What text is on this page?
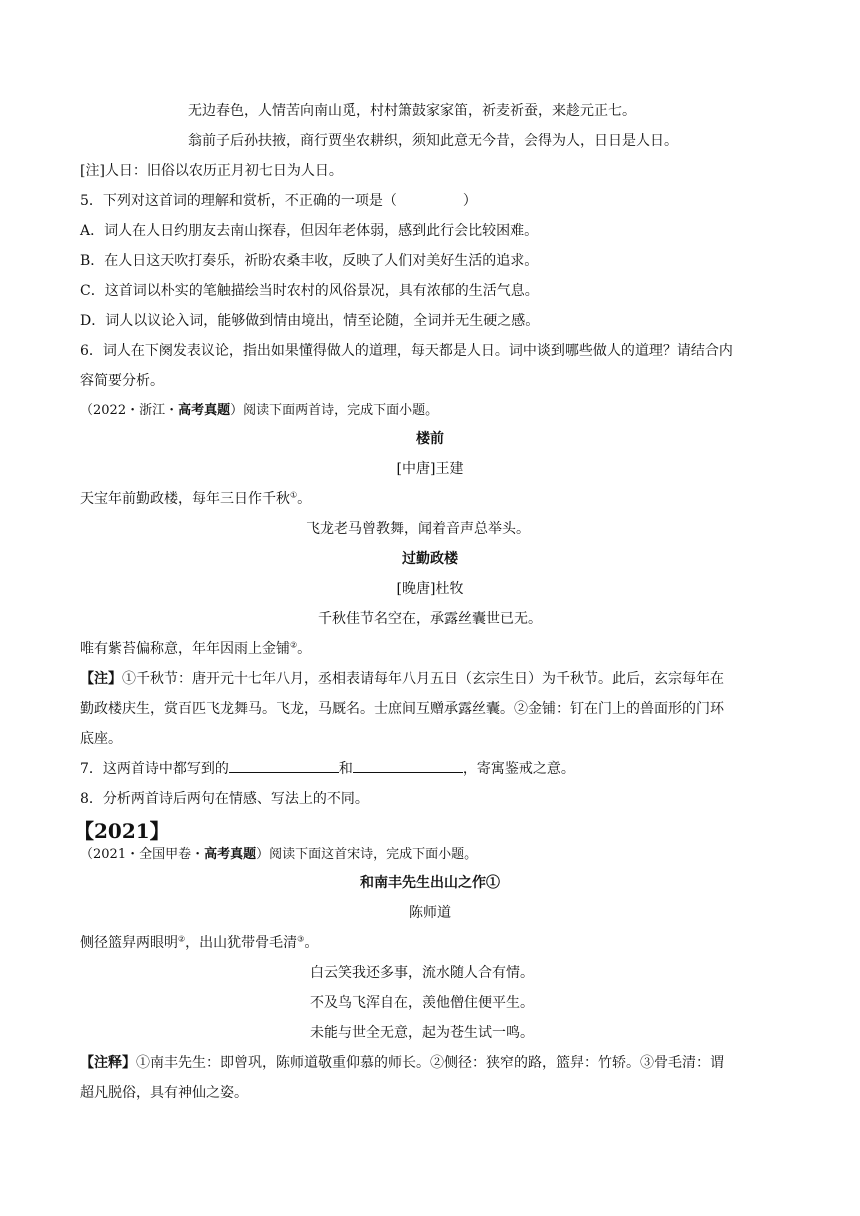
无边春色，人情苦向南山觅，村村箫鼓家家笛，祈麦祈蚕，来趁元正七。
翁前子后孙扶掖，商行贾坐农耕织，须知此意无今昔，会得为人，日日是人日。
[注]人日：旧俗以农历正月初七日为人日。
5．下列对这首词的理解和赏析，不正确的一项是（	）
A．词人在人日约朋友去南山探春，但因年老体弱，感到此行会比较困难。
B．在人日这天吹打奏乐，祈盼农桑丰收，反映了人们对美好生活的追求。
C．这首词以朴实的笔触描绘当时农村的风俗景况，具有浓郁的生活气息。
D．词人以议论入词，能够做到情由境出，情至论随，全词并无生硬之感。
6．词人在下阕发表议论，指出如果懂得做人的道理，每天都是人日。词中谈到哪些做人的道理？请结合内
容简要分析。
（2022・浙江・高考真题）阅读下面两首诗，完成下面小题。
楼前
[中唐]王建
天宝年前勤政楼，每年三日作千秋①。
飞龙老马曾教舞，闻着音声总举头。
过勤政楼
[晚唐]杜牧
千秋佳节名空在，承露丝囊世已无。
唯有紫苔偏称意，年年因雨上金铺②。
【注】①千秋节：唐开元十七年八月，丞相表请每年八月五日（玄宗生日）为千秋节。此后，玄宗每年在
勤政楼庆生，赏百匹飞龙舞马。飞龙，马厩名。士庶间互赠承露丝囊。②金铺：钉在门上的兽面形的门环
底座。
7．这两首诗中都写到的	和	，寄寓鉴戒之意。
8．分析两首诗后两句在情感、写法上的不同。
【2021】
（2021・全国甲卷・高考真题）阅读下面这首宋诗，完成下面小题。
和南丰先生出山之作①
陈师道
侧径篮舁两眼明②，出山犹带骨毛清③。
白云笑我还多事，流水随人合有情。
不及鸟飞浑自在，羡他僧住便平生。
未能与世全无意，起为苍生试一鸣。
【注释】①南丰先生：即曾巩，陈师道敬重仰慕的师长。②侧径：狭窄的路，篮舁：竹轿。③骨毛清：谓
超凡脱俗，具有神仙之姿。
